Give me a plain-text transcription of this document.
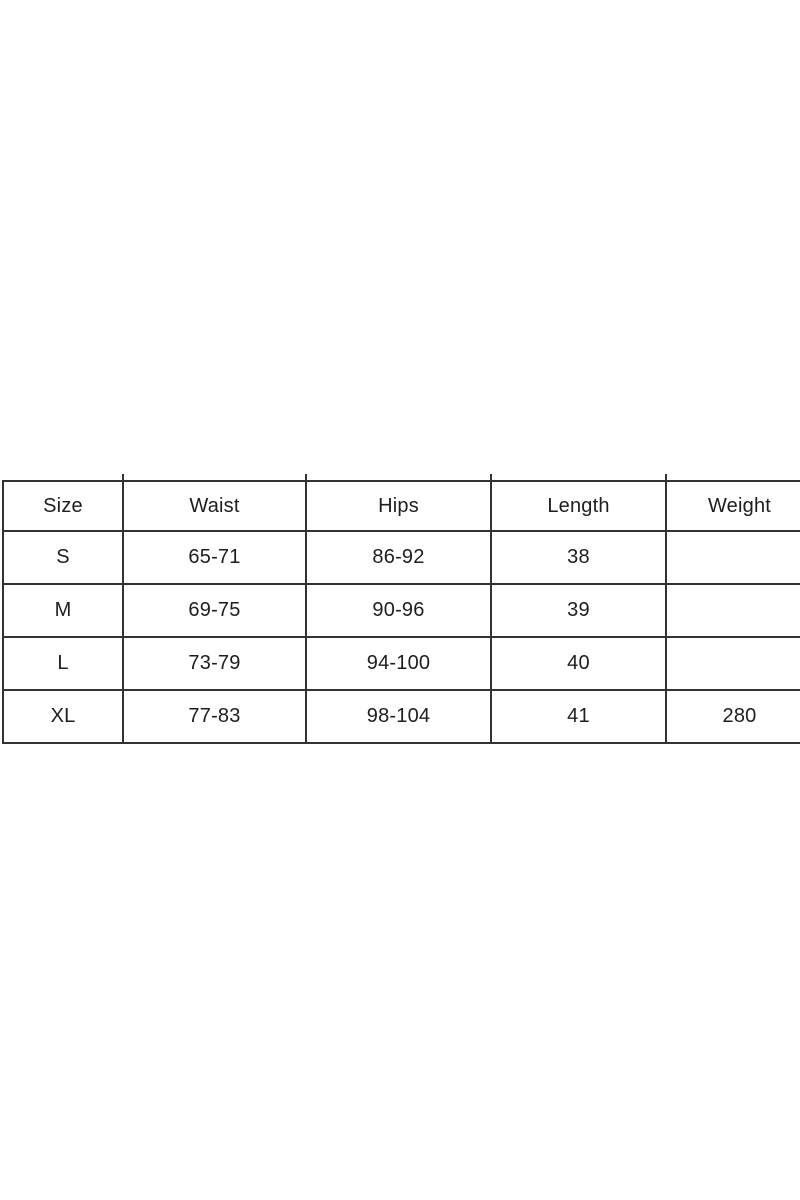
Size	Waist	Hips	Length	Weight
S	65-71	86-92	38	
M	69-75	90-96	39	
L	73-79	94-100	40	
XL	77-83	98-104	41	280
